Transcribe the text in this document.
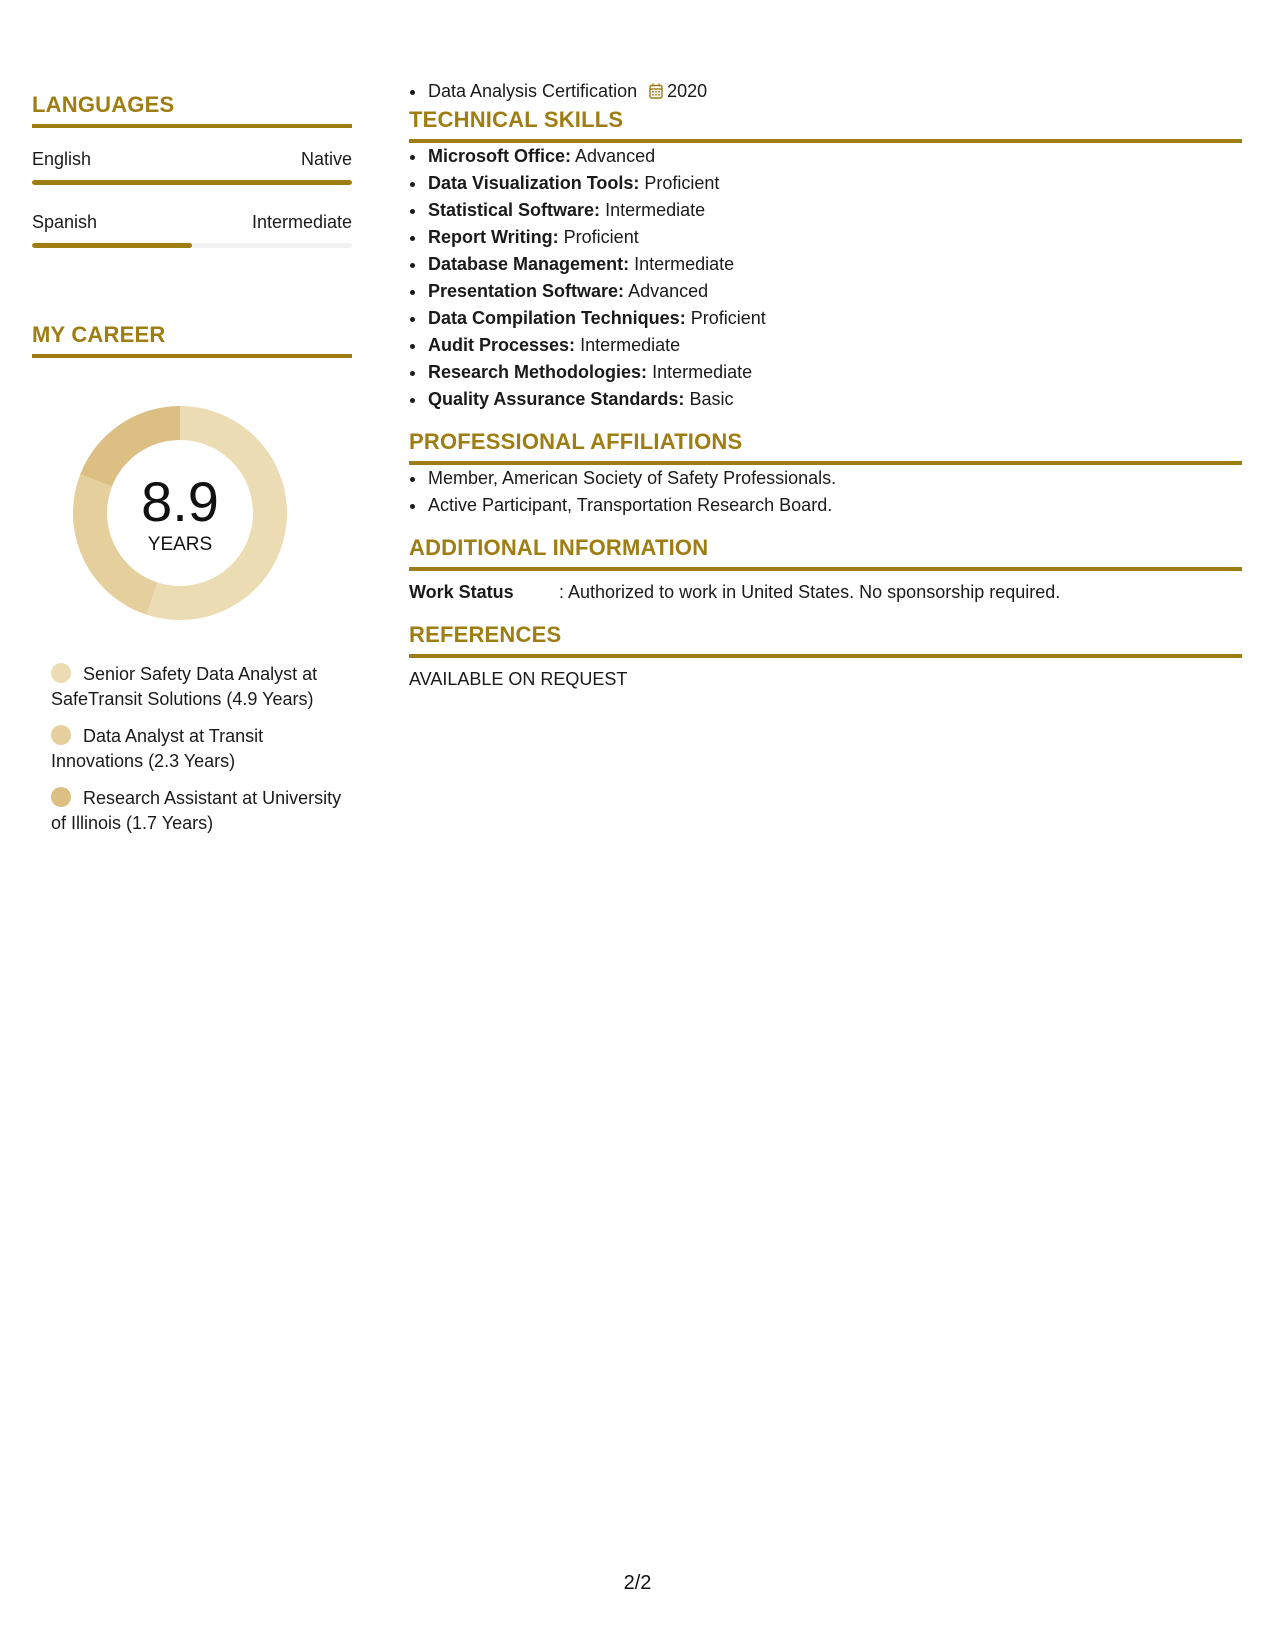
LANGUAGES
English	Native
Spanish	Intermediate
MY CAREER
8.9
YEARS
Senior Safety Data Analyst at SafeTransit Solutions (4.9 Years)
Data Analyst at Transit Innovations (2.3 Years)
Research Assistant at University of Illinois (1.7 Years)
• Data Analysis Certification 2020
TECHNICAL SKILLS
• Microsoft Office: Advanced
• Data Visualization Tools: Proficient
• Statistical Software: Intermediate
• Report Writing: Proficient
• Database Management: Intermediate
• Presentation Software: Advanced
• Data Compilation Techniques: Proficient
• Audit Processes: Intermediate
• Research Methodologies: Intermediate
• Quality Assurance Standards: Basic
PROFESSIONAL AFFILIATIONS
• Member, American Society of Safety Professionals.
• Active Participant, Transportation Research Board.
ADDITIONAL INFORMATION
Work Status	: Authorized to work in United States. No sponsorship required.
REFERENCES
AVAILABLE ON REQUEST
2/2
